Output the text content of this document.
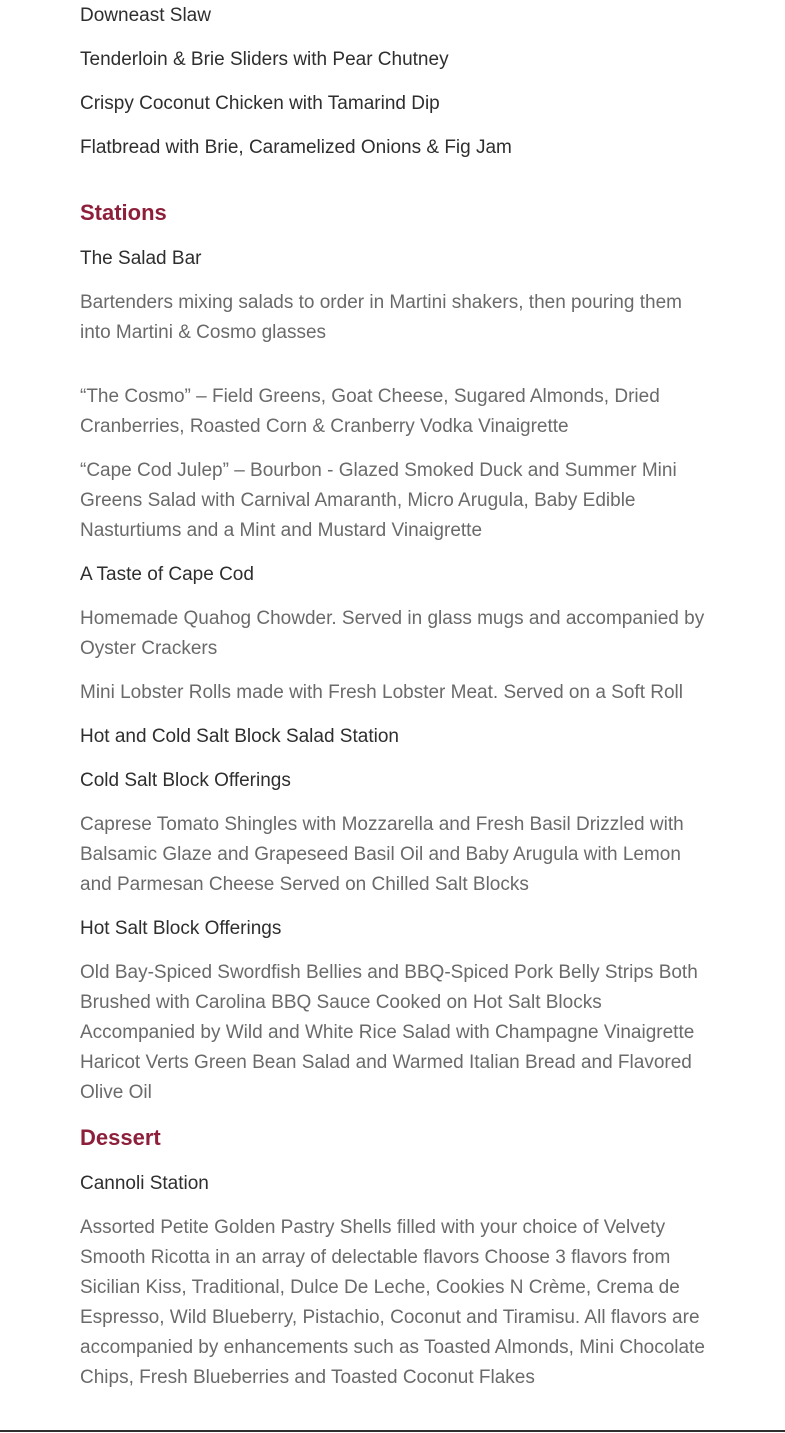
Downeast Slaw

Tenderloin & Brie Sliders with Pear Chutney

Crispy Coconut Chicken with Tamarind Dip

Flatbread with Brie, Caramelized Onions & Fig Jam

Stations

The Salad Bar

Bartenders mixing salads to order in Martini shakers, then pouring them into Martini & Cosmo glasses

“The Cosmo” – Field Greens, Goat Cheese, Sugared Almonds, Dried Cranberries, Roasted Corn & Cranberry Vodka Vinaigrette

“Cape Cod Julep” – Bourbon - Glazed Smoked Duck and Summer Mini Greens Salad with Carnival Amaranth, Micro Arugula, Baby Edible Nasturtiums and a Mint and Mustard Vinaigrette

A Taste of Cape Cod

Homemade Quahog Chowder. Served in glass mugs and accompanied by Oyster Crackers

Mini Lobster Rolls made with Fresh Lobster Meat. Served on a Soft Roll

Hot and Cold Salt Block Salad Station

Cold Salt Block Offerings

Caprese Tomato Shingles with Mozzarella and Fresh Basil Drizzled with Balsamic Glaze and Grapeseed Basil Oil and Baby Arugula with Lemon and Parmesan Cheese Served on Chilled Salt Blocks

Hot Salt Block Offerings

Old Bay-Spiced Swordfish Bellies and BBQ-Spiced Pork Belly Strips Both Brushed with Carolina BBQ Sauce Cooked on Hot Salt Blocks Accompanied by Wild and White Rice Salad with Champagne Vinaigrette Haricot Verts Green Bean Salad and Warmed Italian Bread and Flavored Olive Oil

Dessert

Cannoli Station

Assorted Petite Golden Pastry Shells filled with your choice of Velvety Smooth Ricotta in an array of delectable flavors Choose 3 flavors from Sicilian Kiss, Traditional, Dulce De Leche, Cookies N Crème, Crema de Espresso, Wild Blueberry, Pistachio, Coconut and Tiramisu. All flavors are accompanied by enhancements such as Toasted Almonds, Mini Chocolate Chips, Fresh Blueberries and Toasted Coconut Flakes
